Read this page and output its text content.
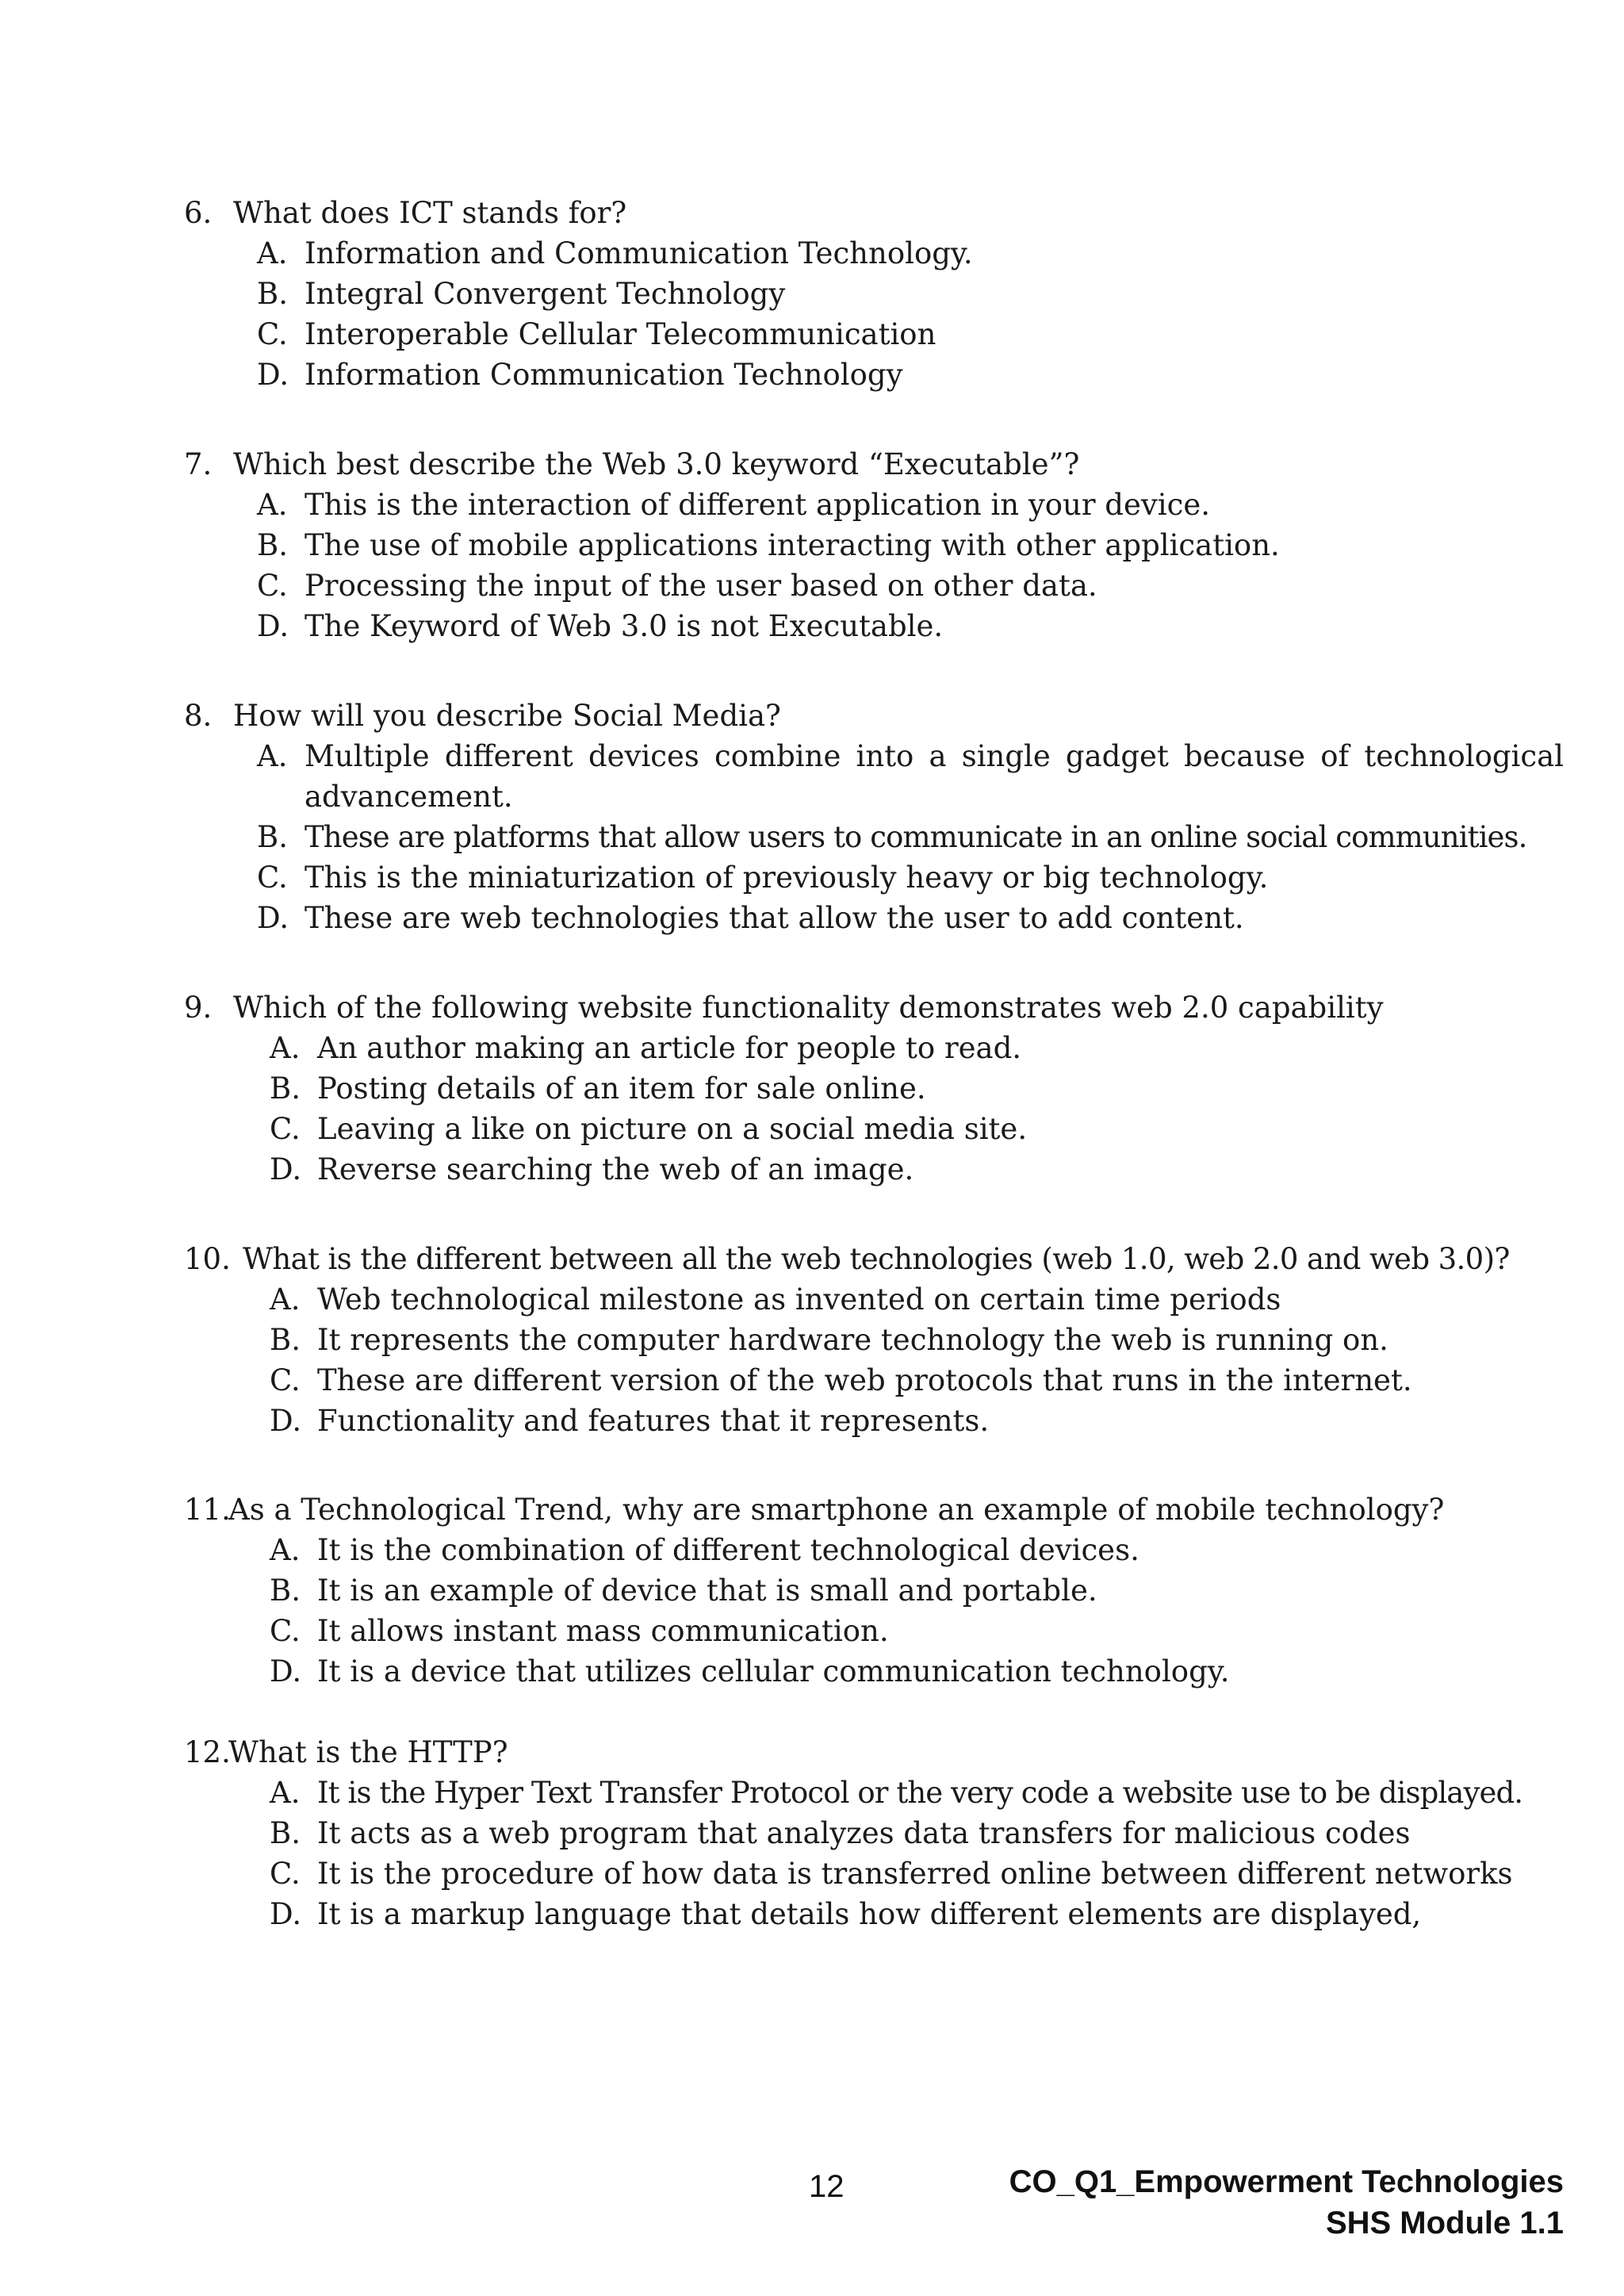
6. What does ICT stands for?
A. Information and Communication Technology.
B. Integral Convergent Technology
C. Interoperable Cellular Telecommunication
D. Information Communication Technology
7. Which best describe the Web 3.0 keyword “Executable”?
A. This is the interaction of different application in your device.
B. The use of mobile applications interacting with other application.
C. Processing the input of the user based on other data.
D. The Keyword of Web 3.0 is not Executable.
8. How will you describe Social Media?
A. Multiple different devices combine into a single gadget because of technological advancement.
B. These are platforms that allow users to communicate in an online social communities.
C. This is the miniaturization of previously heavy or big technology.
D. These are web technologies that allow the user to add content.
9. Which of the following website functionality demonstrates web 2.0 capability
A. An author making an article for people to read.
B. Posting details of an item for sale online.
C. Leaving a like on picture on a social media site.
D. Reverse searching the web of an image.
10. What is the different between all the web technologies (web 1.0, web 2.0 and web 3.0)?
A. Web technological milestone as invented on certain time periods
B. It represents the computer hardware technology the web is running on.
C. These are different version of the web protocols that runs in the internet.
D. Functionality and features that it represents.
11.
As a Technological Trend, why are smartphone an example of mobile technology?
A. It is the combination of different technological devices.
B. It is an example of device that is small and portable.
C. It allows instant mass communication.
D. It is a device that utilizes cellular communication technology.
12.
What is the HTTP?
A. It is the Hyper Text Transfer Protocol or the very code a website use to be displayed.
B. It acts as a web program that analyzes data transfers for malicious codes
C. It is the procedure of how data is transferred online between different networks
D. It is a markup language that details how different elements are displayed,
12	CO_Q1_Empowerment Technologies
SHS Module 1.1
